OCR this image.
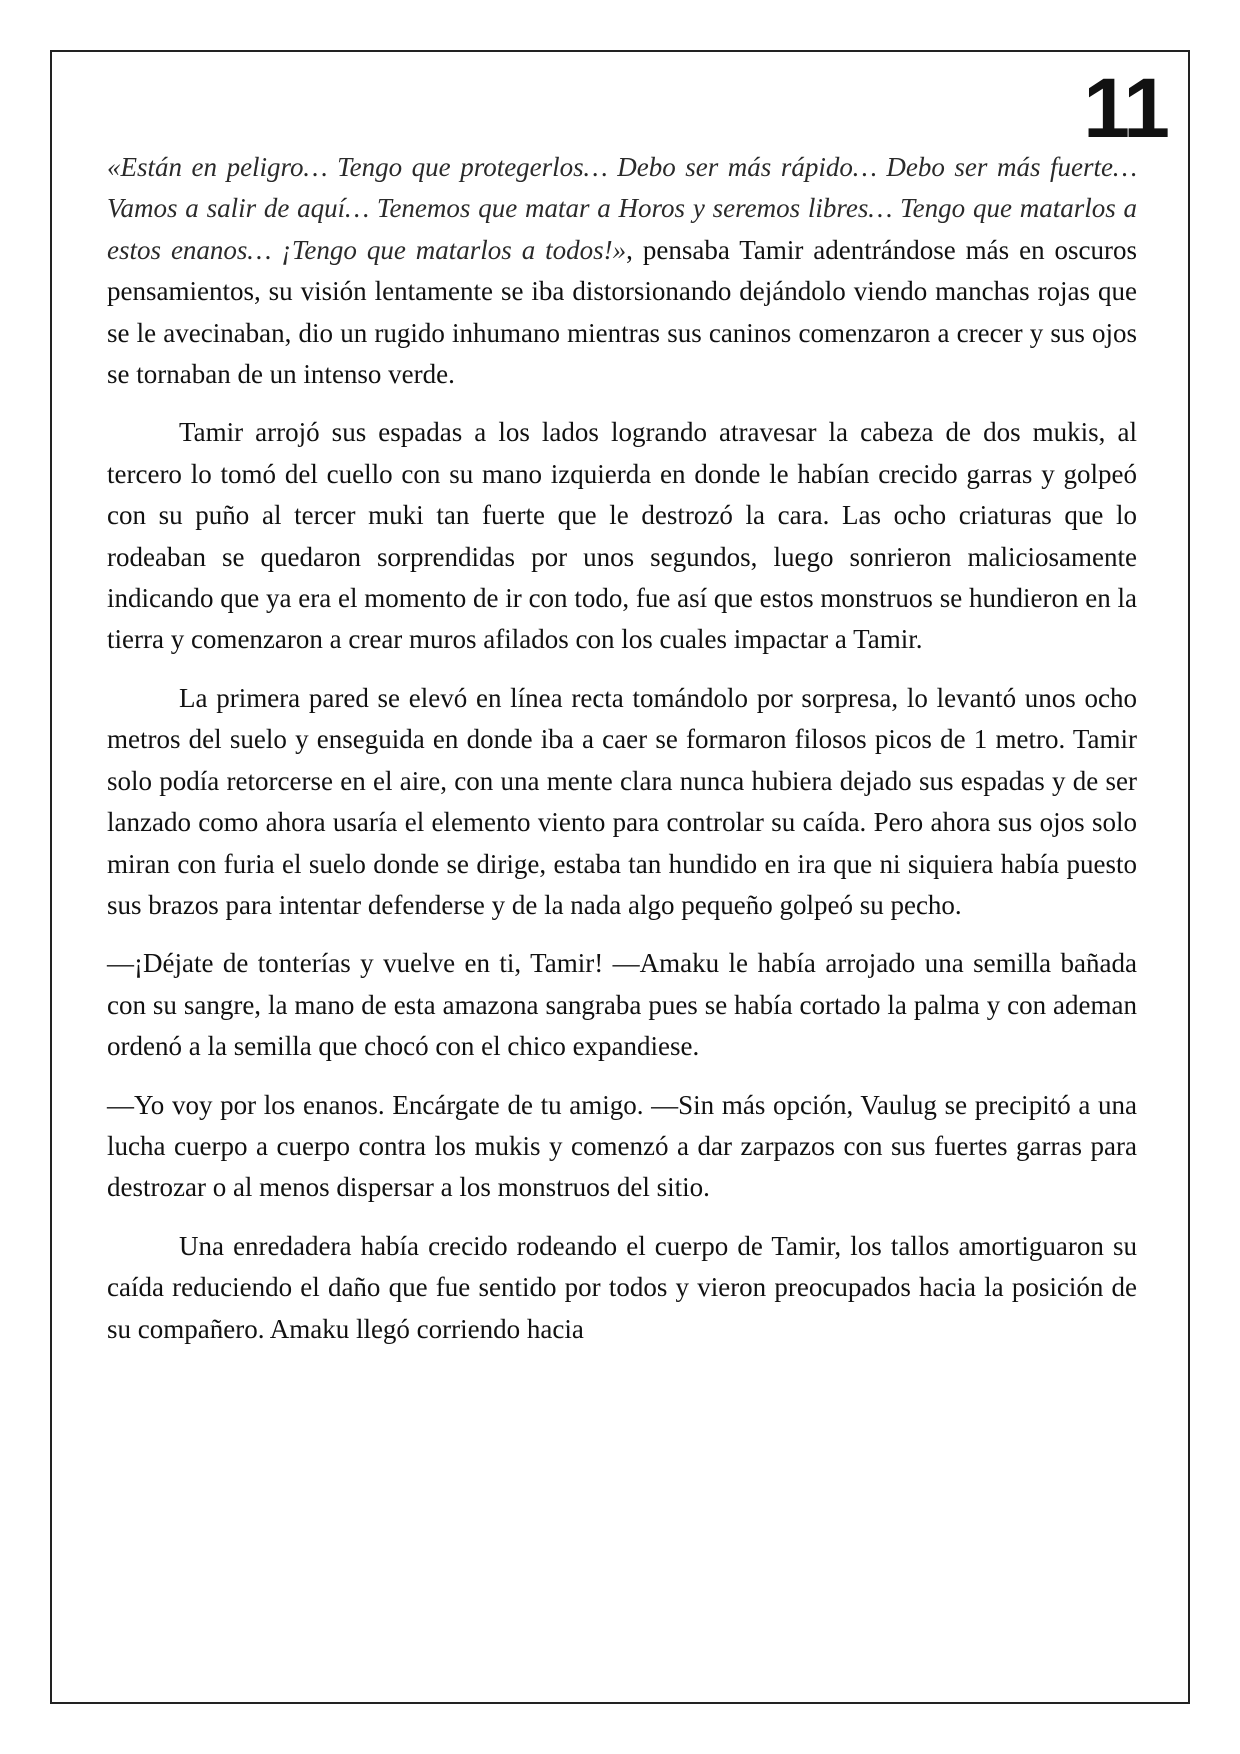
11

«Están en peligro… Tengo que protegerlos… Debo ser más rápido… Debo ser más fuerte… Vamos a salir de aquí… Tenemos que matar a Horos y seremos libres… Tengo que matarlos a estos enanos… ¡Tengo que matarlos a todos!», pensaba Tamir adentrándose más en oscuros pensamientos, su visión lentamente se iba distorsionando dejándolo viendo manchas rojas que se le avecinaban, dio un rugido inhumano mientras sus caninos comenzaron a crecer y sus ojos se tornaban de un intenso verde.

Tamir arrojó sus espadas a los lados logrando atravesar la cabeza de dos mukis, al tercero lo tomó del cuello con su mano izquierda en donde le habían crecido garras y golpeó con su puño al tercer muki tan fuerte que le destrozó la cara. Las ocho criaturas que lo rodeaban se quedaron sorprendidas por unos segundos, luego sonrieron maliciosamente indicando que ya era el momento de ir con todo, fue así que estos monstruos se hundieron en la tierra y comenzaron a crear muros afilados con los cuales impactar a Tamir.

La primera pared se elevó en línea recta tomándolo por sorpresa, lo levantó unos ocho metros del suelo y enseguida en donde iba a caer se formaron filosos picos de 1 metro. Tamir solo podía retorcerse en el aire, con una mente clara nunca hubiera dejado sus espadas y de ser lanzado como ahora usaría el elemento viento para controlar su caída. Pero ahora sus ojos solo miran con furia el suelo donde se dirige, estaba tan hundido en ira que ni siquiera había puesto sus brazos para intentar defenderse y de la nada algo pequeño golpeó su pecho.

—¡Déjate de tonterías y vuelve en ti, Tamir! —Amaku le había arrojado una semilla bañada con su sangre, la mano de esta amazona sangraba pues se había cortado la palma y con ademan ordenó a la semilla que chocó con el chico expandiese.

—Yo voy por los enanos. Encárgate de tu amigo. —Sin más opción, Vaulug se precipitó a una lucha cuerpo a cuerpo contra los mukis y comenzó a dar zarpazos con sus fuertes garras para destrozar o al menos dispersar a los monstruos del sitio.

Una enredadera había crecido rodeando el cuerpo de Tamir, los tallos amortiguaron su caída reduciendo el daño que fue sentido por todos y vieron preocupados hacia la posición de su compañero. Amaku llegó corriendo hacia
